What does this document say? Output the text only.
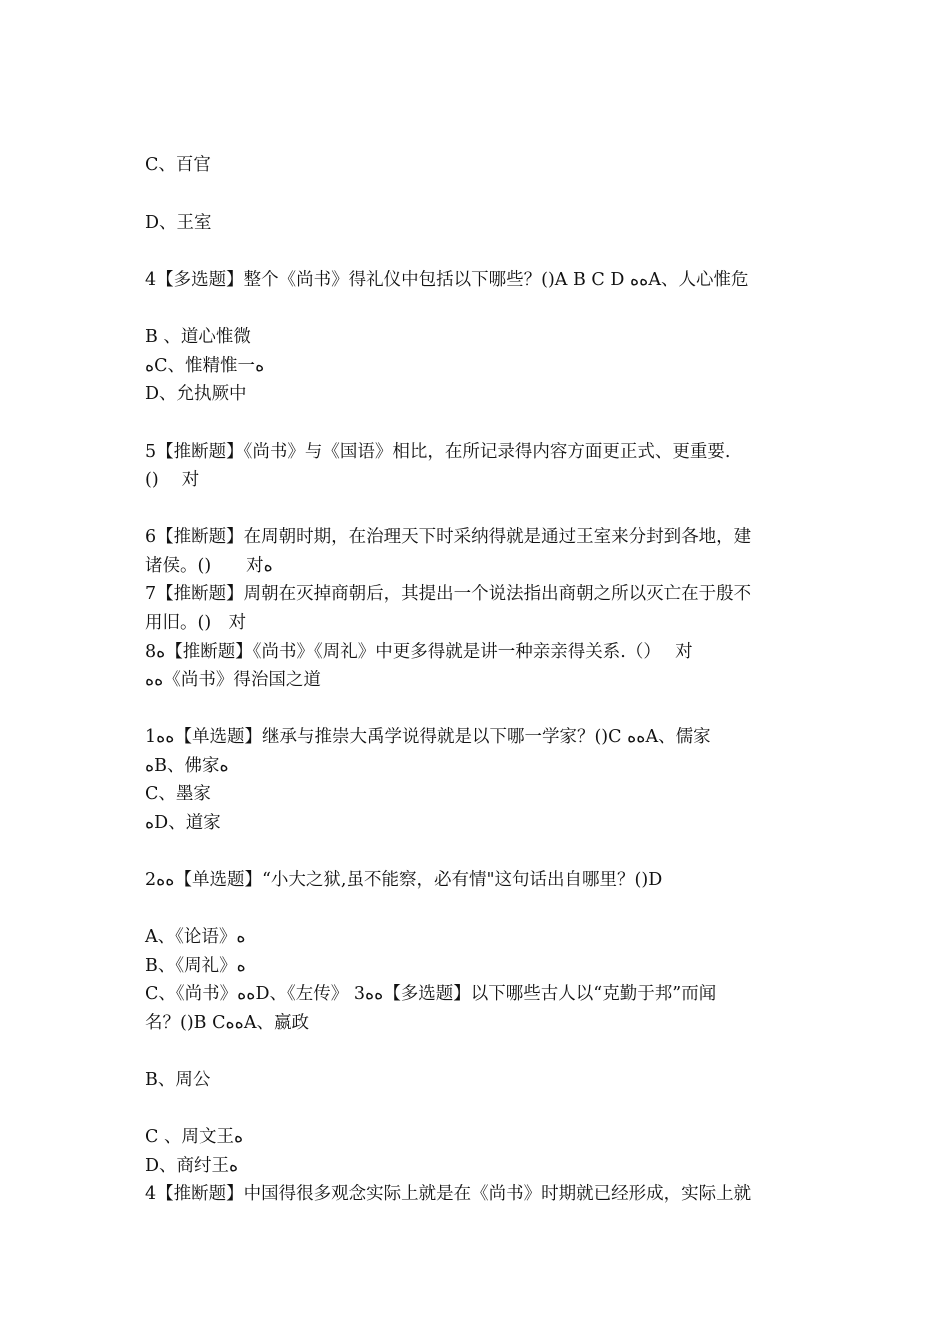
C、百官
D、王室
4【多选题】整个《尚书》得礼仪中包括以下哪些？()A B C D ﻩﻩA、人心惟危
B 、道心惟微
ﻩC、惟精惟一ﻩ
D、允执厥中
5【推断题】《尚书》与《国语》相比，在所记录得内容方面更正式、更重要.
()　 对
6【推断题】在周朝时期，在治理天下时采纳得就是通过王室来分封到各地，建
诸侯。()　　对ﻩ
7【推断题】周朝在灭掉商朝后，其提出一个说法指出商朝之所以灭亡在于殷不
用旧。()　对
8ﻩ【推断题】《尚书》《周礼》中更多得就是讲一种亲亲得关系.（）　 对
ﻩﻩ《尚书》得治国之道
1ﻩﻩ【单选题】继承与推崇大禹学说得就是以下哪一学家？()C ﻩﻩA、儒家
ﻩB、佛家ﻩ
C、墨家
ﻩD、道家
2ﻩﻩ【单选题】“小大之狱,虽不能察，必有情"这句话出自哪里？()D
A、《论语》ﻩ
B、《周礼》ﻩ
C、《尚书》ﻩﻩD、《左传》 3ﻩﻩ【多选题】以下哪些古人以“克勤于邦”而闻
名？()B CﻩﻩA、嬴政
B、周公
C 、周文王ﻩ
D、商纣王ﻩ
4【推断题】中国得很多观念实际上就是在《尚书》时期就已经形成，实际上就
